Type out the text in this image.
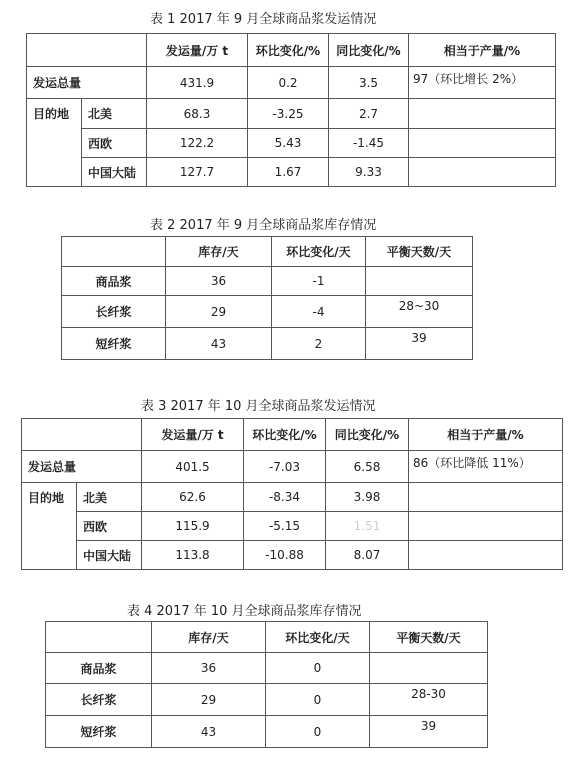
表 1 2017 年 9 月全球商品浆发运情况
		发运量/万 t	环比变化/%	同比变化/%	相当于产量/%
发运总量		431.9	0.2	3.5	97（环比增长 2%）
目的地	北美	68.3	-3.25	2.7	
	西欧	122.2	5.43	-1.45	
	中国大陆	127.7	1.67	9.33	
表 2 2017 年 9 月全球商品浆库存情况
	库存/天	环比变化/天	平衡天数/天
商品浆	36	-1	
长纤浆	29	-4	28~30
短纤浆	43	2	39
表 3 2017 年 10 月全球商品浆发运情况
		发运量/万 t	环比变化/%	同比变化/%	相当于产量/%
发运总量		401.5	-7.03	6.58	86（环比降低 11%）
目的地	北美	62.6	-8.34	3.98	
	西欧	115.9	-5.15	1.51	
	中国大陆	113.8	-10.88	8.07	
表 4 2017 年 10 月全球商品浆库存情况
	库存/天	环比变化/天	平衡天数/天
商品浆	36	0	
长纤浆	29	0	28-30
短纤浆	43	0	39
